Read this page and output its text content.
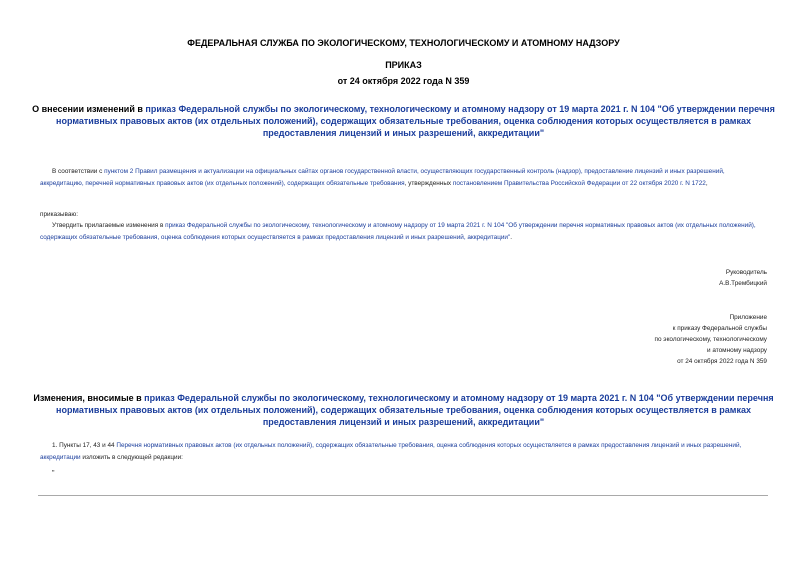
ФЕДЕРАЛЬНАЯ СЛУЖБА ПО ЭКОЛОГИЧЕСКОМУ, ТЕХНОЛОГИЧЕСКОМУ И АТОМНОМУ НАДЗОРУ
ПРИКАЗ
от 24 октября 2022 года N 359
О внесении изменений в приказ Федеральной службы по экологическому, технологическому и атомному надзору от 19 марта 2021 г. N 104 "Об утверждении перечня нормативных правовых актов (их отдельных положений), содержащих обязательные требования, оценка соблюдения которых осуществляется в рамках предоставления лицензий и иных разрешений, аккредитации"
В соответствии с пунктом 2 Правил размещения и актуализации на официальных сайтах органов государственной власти, осуществляющих государственный контроль (надзор), предоставление лицензий и иных разрешений, аккредитацию, перечней нормативных правовых актов (их отдельных положений), содержащих обязательные требования, утвержденных постановлением Правительства Российской Федерации от 22 октября 2020 г. N 1722,
приказываю:
Утвердить прилагаемые изменения в приказ Федеральной службы по экологическому, технологическому и атомному надзору от 19 марта 2021 г. N 104 "Об утверждении перечня нормативных правовых актов (их отдельных положений), содержащих обязательные требования, оценка соблюдения которых осуществляется в рамках предоставления лицензий и иных разрешений, аккредитации".
Руководитель
А.В.Трембицкий
Приложение
к приказу Федеральной службы
по экологическому, технологическому
и атомному надзору
от 24 октября 2022 года N 359
Изменения, вносимые в приказ Федеральной службы по экологическому, технологическому и атомному надзору от 19 марта 2021 г. N 104 "Об утверждении перечня нормативных правовых актов (их отдельных положений), содержащих обязательные требования, оценка соблюдения которых осуществляется в рамках предоставления лицензий и иных разрешений, аккредитации"
1. Пункты 17, 43 и 44 Перечня нормативных правовых актов (их отдельных положений), содержащих обязательные требования, оценка соблюдения которых осуществляется в рамках предоставления лицензий и иных разрешений, аккредитации изложить в следующей редакции:
"
